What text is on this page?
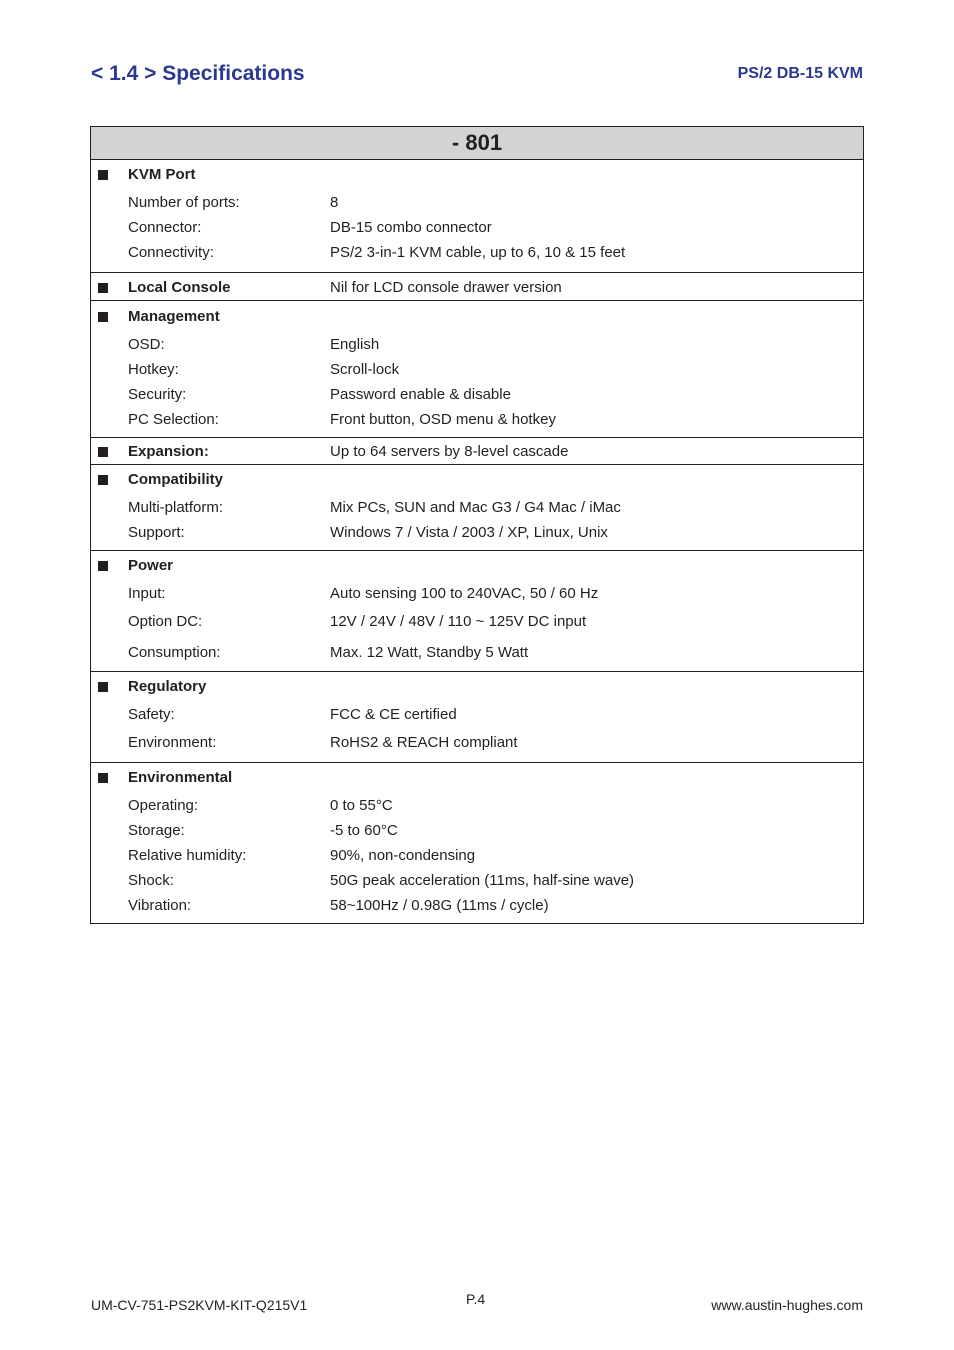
< 1.4 > Specifications	PS/2 DB-15 KVM
- 801
KVM Port
Number of ports:	8
Connector:	DB-15 combo connector
Connectivity:	PS/2 3-in-1 KVM cable, up to 6, 10 & 15 feet
Local Console	Nil for LCD console drawer version
Management
OSD:	English
Hotkey:	Scroll-lock
Security:	Password enable & disable
PC Selection:	Front button, OSD menu & hotkey
Expansion:	Up to 64 servers by 8-level cascade
Compatibility
Multi-platform:	Mix PCs, SUN and Mac G3 / G4 Mac / iMac
Support:	Windows 7 / Vista / 2003 / XP, Linux, Unix
Power
Input:	Auto sensing 100 to 240VAC, 50 / 60 Hz
Option DC:	12V / 24V / 48V / 110 ~ 125V DC input
Consumption:	Max. 12 Watt, Standby 5 Watt
Regulatory
Safety:	FCC & CE certified
Environment:	RoHS2 & REACH compliant
Environmental
Operating:	0 to 55°C
Storage:	-5 to 60°C
Relative humidity:	90%, non-condensing
Shock:	50G peak acceleration (11ms, half-sine wave)
Vibration:	58~100Hz / 0.98G (11ms / cycle)
UM-CV-751-PS2KVM-KIT-Q215V1	P.4	www.austin-hughes.com
